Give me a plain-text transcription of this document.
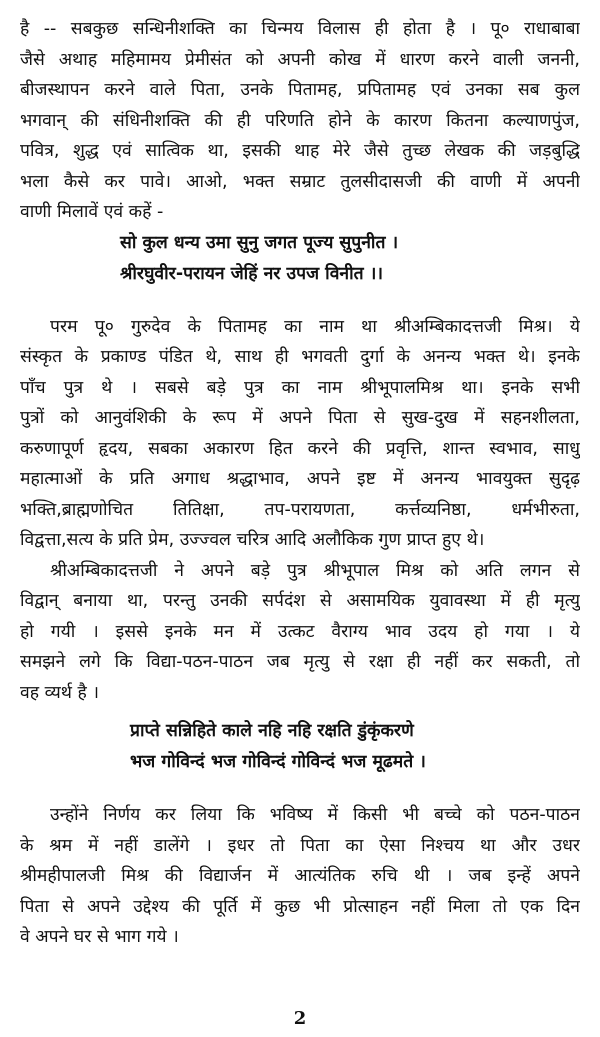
है -- सबकुछ सन्धिनीशक्ति का चिन्मय विलास ही होता है । पू० राधाबाबा
जैसे अथाह महिमामय प्रेमीसंत को अपनी कोख में धारण करने वाली जननी,
बीजस्थापन करने वाले पिता, उनके पितामह, प्रपितामह एवं उनका सब कुल
भगवान् की संधिनीशक्ति की ही परिणति होने के कारण कितना कल्याणपुंज,
पवित्र, शुद्ध एवं सात्विक था, इसकी थाह मेरे जैसे तुच्छ लेखक की जड़बुद्धि
भला कैसे कर पावे। आओ, भक्त सम्राट तुलसीदासजी की वाणी में अपनी
वाणी मिलावें एवं कहें -
सो कुल धन्य उमा सुनु जगत पूज्य सुपुनीत ।
श्रीरघुवीर-परायन जेहिं नर उपज विनीत ।।
परम पू० गुरुदेव के पितामह का नाम था श्रीअम्बिकादत्तजी मिश्र। ये
संस्कृत के प्रकाण्ड पंडित थे, साथ ही भगवती दुर्गा के अनन्य भक्त थे। इनके
पाँच पुत्र थे । सबसे बड़े पुत्र का नाम श्रीभूपालमिश्र था। इनके सभी
पुत्रों को आनुवंशिकी के रूप में अपने पिता से सुख-दुख में सहनशीलता,
करुणापूर्ण हृदय, सबका अकारण हित करने की प्रवृत्ति, शान्त स्वभाव, साधु
महात्माओं के प्रति अगाध श्रद्धाभाव, अपने इष्ट में अनन्य भावयुक्त सुदृढ़
भक्ति,ब्राह्मणोचित तितिक्षा, तप-परायणता, कर्त्तव्यनिष्ठा, धर्मभीरुता,
विद्वत्ता,सत्य के प्रति प्रेम, उज्ज्वल चरित्र आदि अलौकिक गुण प्राप्त हुए थे।
श्रीअम्बिकादत्तजी ने अपने बड़े पुत्र श्रीभूपाल मिश्र को अति लगन से
विद्वान् बनाया था, परन्तु उनकी सर्पदंश से असामयिक युवावस्था में ही मृत्यु
हो गयी । इससे इनके मन में उत्कट वैराग्य भाव उदय हो गया । ये
समझने लगे कि विद्या-पठन-पाठन जब मृत्यु से रक्षा ही नहीं कर सकती, तो
वह व्यर्थ है ।
प्राप्ते सन्निहिते काले नहि नहि रक्षति डुंकृंकरणे
भज गोविन्दं भज गोविन्दं गोविन्दं भज मूढमते ।
उन्होंने निर्णय कर लिया कि भविष्य में किसी भी बच्चे को पठन-पाठन
के श्रम में नहीं डालेंगे । इधर तो पिता का ऐसा निश्चय था और उधर
श्रीमहीपालजी मिश्र की विद्यार्जन में आत्यंतिक रुचि थी । जब इन्हें अपने
पिता से अपने उद्देश्य की पूर्ति में कुछ भी प्रोत्साहन नहीं मिला तो एक दिन
वे अपने घर से भाग गये ।
2
